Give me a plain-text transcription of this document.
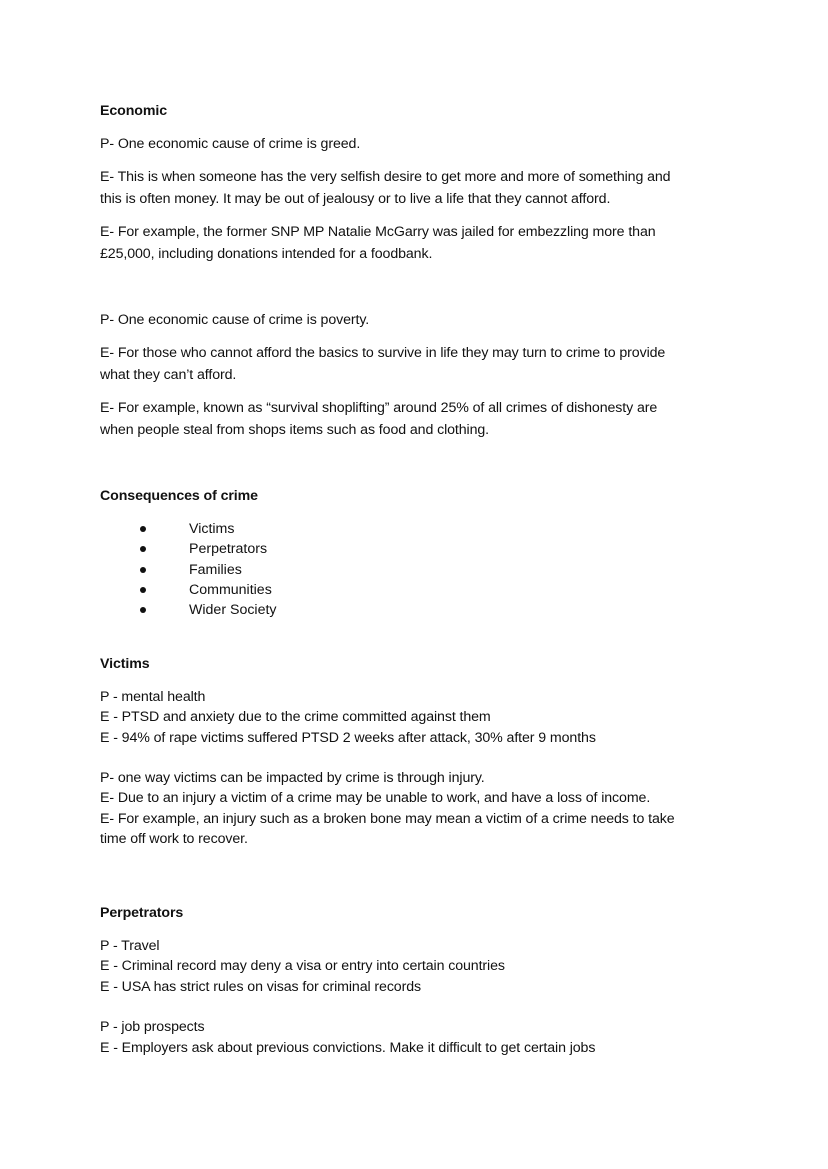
Economic
P- One economic cause of crime is greed.
E- This is when someone has the very selfish desire to get more and more of something and
this is often money. It may be out of jealousy or to live a life that they cannot afford.
E- For example, the former SNP MP Natalie McGarry was jailed for embezzling more than
£25,000, including donations intended for a foodbank.
P- One economic cause of crime is poverty.
E- For those who cannot afford the basics to survive in life they may turn to crime to provide
what they can’t afford.
E- For example, known as “survival shoplifting” around 25% of all crimes of dishonesty are
when people steal from shops items such as food and clothing.
Consequences of crime
Victims
Perpetrators
Families
Communities
Wider Society
Victims
P - mental health
E - PTSD and anxiety due to the crime committed against them
E - 94% of rape victims suffered PTSD 2 weeks after attack, 30% after 9 months
P- one way victims can be impacted by crime is through injury.
E- Due to an injury a victim of a crime may be unable to work, and have a loss of income.
E- For example, an injury such as a broken bone may mean a victim of a crime needs to take
time off work to recover.
Perpetrators
P - Travel
E - Criminal record may deny a visa or entry into certain countries
E - USA has strict rules on visas for criminal records
P - job prospects
E - Employers ask about previous convictions. Make it difficult to get certain jobs
